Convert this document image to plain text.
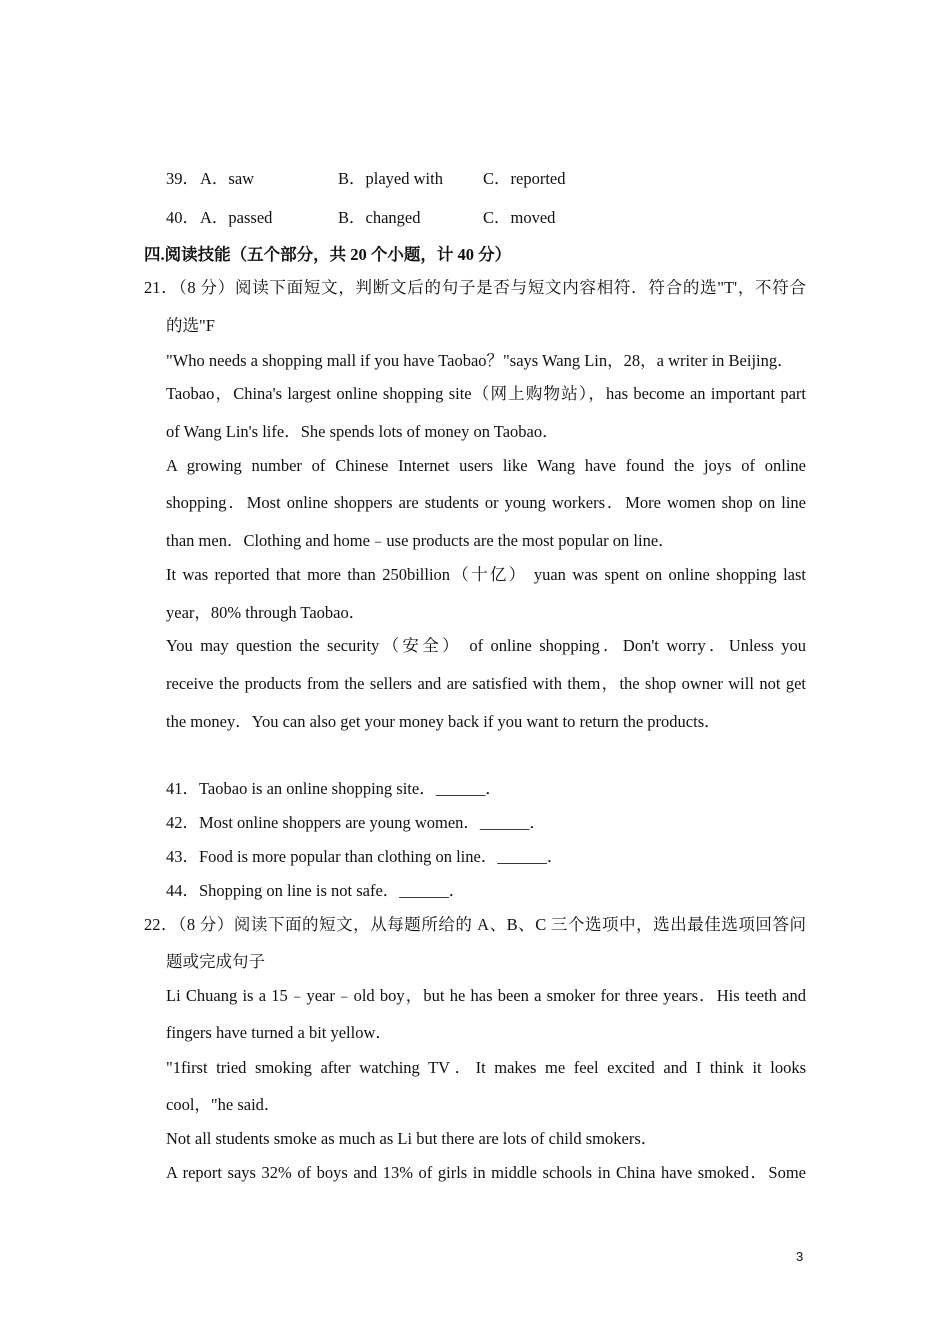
39． A．saw	B．played with C．reported
40． A．passed	B．changed	C．moved
四.阅读技能（五个部分，共 20 个小题，计 40 分）
21．（8 分）阅读下面短文，判断文后的句子是否与短文内容相符．符合的选"T'，不符合
的选"F
"Who needs a shopping mall if you have Taobao？"says Wang Lin，28，a writer in Beijing．
Taobao，China's largest online shopping site（网上购物站），has become an important part
of Wang Lin's life．She spends lots of money on Taobao．
A growing number of Chinese Internet users like Wang have found the joys of online
shopping．Most online shoppers are students or young workers．More women shop on line
than men．Clothing and home﹣use products are the most popular on line．
It was reported that more than 250billion（十亿） yuan was spent on online shopping last
year，80% through Taobao．
You may question the security（安全） of online shopping．Don't worry．Unless you
receive the products from the sellers and are satisfied with them，the shop owner will not get
the money．You can also get your money back if you want to return the products．
41．Taobao is an online shopping site．______．
42．Most online shoppers are young women．______．
43．Food is more popular than clothing on line．______．
44．Shopping on line is not safe．______．
22．（8 分）阅读下面的短文，从每题所给的 A、B、C 三个选项中，选出最佳选项回答问
题或完成句子
Li Chuang is a 15﹣year﹣old boy，but he has been a smoker for three years．His teeth and
fingers have turned a bit yellow．
"1first tried smoking after watching TV．It makes me feel excited and I think it looks
cool，"he said．
Not all students smoke as much as Li but there are lots of child smokers．
A report says 32% of boys and 13% of girls in middle schools in China have smoked．Some
3
